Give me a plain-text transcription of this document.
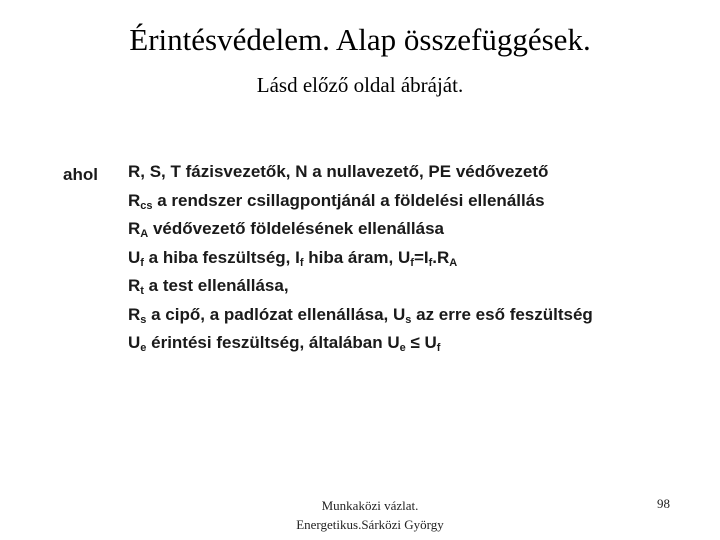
Érintésvédelem. Alap összefüggések.
Lásd előző oldal ábráját.
ahol R, S, T fázisvezetők, N a nullavezető, PE védővezető
$R_{cs}$ a rendszer csillagpontjánál a földelési ellenállás
$R_A$ védővezető földelésének ellenállása
$U_f$ a hiba feszültség, $I_f$ hiba áram, $U_f=I_f.R_A$
$R_t$ a test ellenállása,
$R_s$ a cipő, a padlózat ellenállása, $U_s$ az erre eső feszültség
$U_e$ érintési feszültség, általában $U_e \le U_f$
Munkaközi vázlat.
Energetikus.Sárközi György
98
